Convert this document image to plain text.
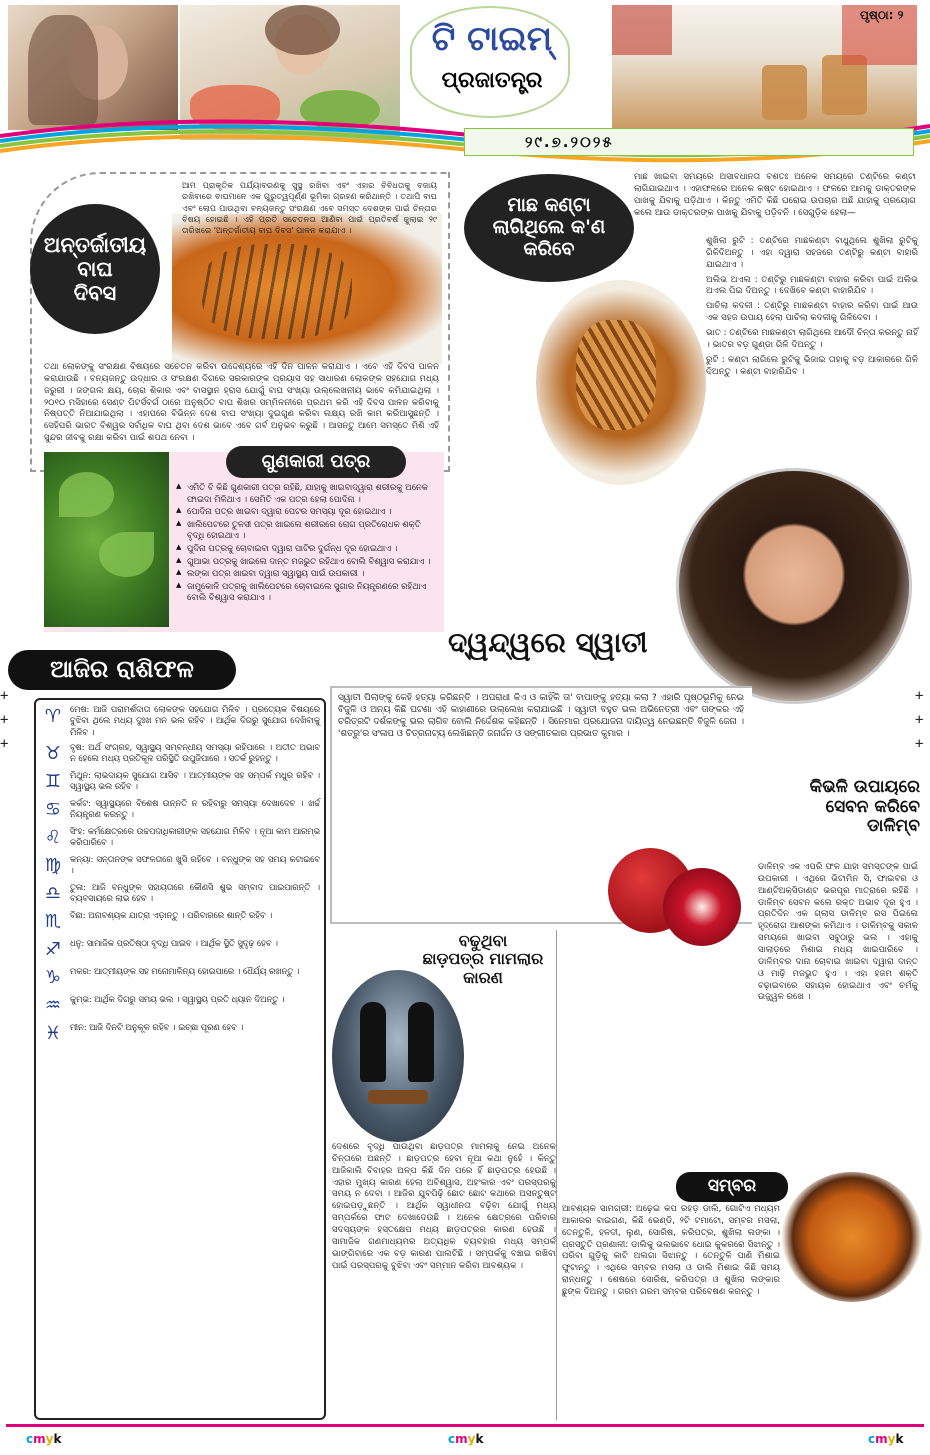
ଟି ଟାଇମ୍
ପ୍ରଜାତନ୍ତ୍ର
ପୃଷ୍ଠା: ୨
୨୯.୭.୨୦୨୫
ଅନ୍ତର୍ଜାତୀୟ
ବାଘ
ଦିବସ
ଆମ ପ୍ରାକୃତିକ ପର୍ଯ୍ୟାବରଣକୁ ସୁସ୍ଥ ରଖିବା ଏବଂ ଏହାର ବିବିଧତାକୁ ବଜାୟ ରଖିବାରେ ବାଘମାନେ ଏକ ଗୁରୁତ୍ୱପୂର୍ଣ୍ଣ ଭୂମିକା ଗ୍ରହଣ କରିଥାନ୍ତି । ତଥାପି ବାଘ ଏବଂ ଲୋପ ପାଉଥିବା ବନ୍ୟଜନ୍ତୁ ସଂରକ୍ଷଣ ଏବେ ସମସ୍ତ ଦେଶଙ୍କ ପାଇଁ ଚିନ୍ତାର ବିଷୟ ହୋଇଛି । ଏହି ପ୍ରତି ସଚେତନତା ଆଣିବା ପାଇଁ ପ୍ରତିବର୍ଷ ଜୁଲାଇ ୨୯ ତାରିଖରେ 'ଅନ୍ତର୍ଜାତୀୟ ବାଘ ଦିବସ' ପାଳନ କରାଯାଏ ।
ତଥା ଲୋକଙ୍କୁ ସଂରକ୍ଷଣ ବିଷୟରେ ସଚେତନ କରିବା ଉଦ୍ଦେଶ୍ୟରେ ଏହି ଦିନ ପାଳନ କରାଯାଏ । ଏବେ ଏହି ଦିବସ ପାଳନ କରାଯାଉଛି । ବନ୍ୟଜନ୍ତୁ ଉଦ୍ଧାର ଓ ସଂରକ୍ଷଣ ଦିଗରେ ସରକାରଙ୍କ ପ୍ରୟାସ ସହ ସାଧାରଣ ଲୋକଙ୍କ ସହଯୋଗ ମଧ୍ୟ ଜରୁରୀ । ଜଙ୍ଗଲ କ୍ଷୟ, ଚୋରା ଶିକାର ଏବଂ ବାସସ୍ଥାନ ହ୍ରାସ ଯୋଗୁଁ ବାଘ ସଂଖ୍ୟା ଉଲ୍ଲେଖନୀୟ ଭାବେ କମିଯାଇଥିଲା । ୨୦୧୦ ମସିହାରେ ସେଣ୍ଟ ପିଟର୍ସବର୍ଗ ଠାରେ ଅନୁଷ୍ଠିତ ବାଘ ଶିଖର ସମ୍ମିଳନୀରେ ପ୍ରଥମ କରି ଏହି ଦିବସ ପାଳନ କରିବାକୁ ନିଷ୍ପତ୍ତି ନିଆଯାଇଥିଲା । ଏହାପରେ ବିଭିନ୍ନ ଦେଶ ବାଘ ସଂଖ୍ୟା ଦୁଇଗୁଣ କରିବା ଲକ୍ଷ୍ୟ ରଖି କାମ କରିଆସୁଛନ୍ତି । ସେହିପରି ଭାରତ ବିଶ୍ୱର ସର୍ବାଧିକ ବାଘ ଥିବା ଦେଶ ଭାବେ ଏବେ ଗର୍ବ ଅନୁଭବ କରୁଛି । ଆସନ୍ତୁ ଆମେ ସମସ୍ତେ ମିଶି ଏହି ସୁନ୍ଦର ଜୀବକୁ ରକ୍ଷା କରିବା ପାଇଁ ଶପଥ ନେବା ।
ମାଛ କଣ୍ଟା
ଲାଗିଥିଲେ କ'ଣ
କରିବେ
ମାଛ ଖାଇବା ସମୟରେ ଅସାବଧାନତା ବଶତଃ ଅନେକ ସମୟରେ ତଣ୍ଟିରେ କଣ୍ଟା ଲାଗିଯାଇଥାଏ । ଏହାଫଳରେ ଅନେକ କଷ୍ଟ ହୋଇଥାଏ । ଫଳରେ ଆମକୁ ଡାକ୍ତରଙ୍କ ପାଖକୁ ଯିବାକୁ ପଡ଼ିଥାଏ । କିନ୍ତୁ ଏମିତି କିଛି ଘରୋଇ ଉପଚାର ଅଛି ଯାହାକୁ ପ୍ରୟୋଗ କଲେ ଆଉ ଡାକ୍ତରଙ୍କ ପାଖକୁ ଯିବାକୁ ପଡ଼ିବନି । ସେଗୁଡ଼ିକ ହେଲା—
ଶୁଖିଲା ରୁଟି : ତଣ୍ଟିରେ ମାଛକଣ୍ଟା ବାଧୁଥିଲେ ଶୁଖିଲା ରୁଟିକୁ ଗିଳିଦିଅନ୍ତୁ । ଏହା ଦ୍ୱାରା ସହଜରେ ତଣ୍ଟିରୁ କଣ୍ଟା ବାହାରି ଯାଇଥାଏ ।
ଅଲିଭ ଅଏଲ : ତଣ୍ଟିରୁ ମାଛକଣ୍ଟା ବାହାର କରିବା ପାଇଁ ଅଲିଭ ଅଏଲ ପିଇ ଦିଅନ୍ତୁ । ଦେଖିବେ କଣ୍ଟା ବାହାରିଯିବ ।
ପାଚିଲା କଦଳୀ : ତଣ୍ଟିରୁ ମାଛକଣ୍ଟା ବାହାର କରିବା ପାଇଁ ଆଉ ଏକ ସହଜ ଉପାୟ ହେଲା ପାଚିଲା କଦଳୀକୁ ଗିଳିଦେବା ।
ଭାତ : ତଣ୍ଟିରେ ମାଛକଣ୍ଟା ଲାଗିଥିଲେ ଆଦୌ ଚିନ୍ତା କରନ୍ତୁ ନାହିଁ । ଭାତର ବଡ଼ ଗୁଣ୍ଡା ଗିଳି ଦିଅନ୍ତୁ ।
ରୁଟି : କଣ୍ଟା ଲାଗିଲେ ରୁଟିକୁ ଭିଜାଇ ତାହାକୁ ବଡ଼ ଆକାରରେ ଗିଳି ଦିଅନ୍ତୁ । କଣ୍ଟା ବାହାରିଯିବ ।
ଗୁଣକାରୀ ପତ୍ର
▲ ଏମିତି ବି କିଛି ଗୁଣକାରୀ ପତ୍ର ରହିଛି, ଯାହାକୁ ଖାଇବାଦ୍ୱାରା ଶରୀରକୁ ଅନେକ ଫାଇଦା ମିଳିଥାଏ । ସେମିତି ଏକ ପତ୍ର ହେଲା ପୋଦିନା ।
▲ ପୋଦିନା ପତ୍ର ଖାଇବା ଦ୍ୱାରା ପେଟର ସମସ୍ୟା ଦୂର ହୋଇଥାଏ ।
▲ ଖାଲିପେଟରେ ତୁଳସୀ ପତ୍ର ଖାଇଲେ ଶରୀରରେ ରୋଗ ପ୍ରତିରୋଧକ ଶକ୍ତି ବୃଦ୍ଧି ହୋଇଥାଏ ।
▲ ପୁଦିନା ପତ୍ରକୁ ଚୋବାଇବା ଦ୍ୱାରା ପାଟିର ଦୁର୍ଗନ୍ଧ ଦୂର ହୋଇଥାଏ ।
▲ ଗୁଆଭା ପତ୍ରକୁ ଖାଇଲେ ଦାନ୍ତ ମଜଭୁତ ରହିଥାଏ ବୋଲି ବିଶ୍ୱାସ କରାଯାଏ ।
▲ ଲଙ୍କା ପତ୍ର ଖାଇବା ଦ୍ୱାରା ସ୍ୱାସ୍ଥ୍ୟ ପାଇଁ ଉପକାରୀ ।
▲ ଜାମୁକୋଳି ପତ୍ରକୁ ଖାଲିପେଟରେ ଚୋବାଇଲେ ସୁଗାର ନିୟନ୍ତ୍ରଣରେ ରହିଥାଏ ବୋଲି ବିଶ୍ୱାସ କରାଯାଏ ।
ଦ୍ୱନ୍ଦ୍ୱରେ ସ୍ୱାତୀ
ସ୍ୱାତୀ ପିଲାଙ୍କୁ କେହି ହତ୍ୟା କରିଛନ୍ତି । ଅପରାଧୀ କିଏ ଓ କାହିଁକି ତା' ବାପାଙ୍କୁ ହତ୍ୟା କଲା ? ଏହାରି ପୃଷ୍ଠଭୂମିକୁ ନେଇ ବିଜୁଳି ଓ ଅନ୍ୟ କିଛି ଘଟଣା ଏହି କାହାଣୀରେ ଉଲ୍ଲେଖ କରାଯାଇଛି । ସ୍ୱାତୀ ବହୁତ ଭଲ ଅଭିନେତ୍ରୀ ଏବଂ ତାଙ୍କର ଏହି ଚରିତ୍ରଟି ଦର୍ଶକଙ୍କୁ ଭଲ ଲାଗିବ ବୋଲି ନିର୍ଦ୍ଦେଶକ କହିଛନ୍ତି । ସିନେମାର ପ୍ରଯୋଜନା ଦାୟିତ୍ୱ ନେଇଛନ୍ତି ବିଜୁଳି ଜେନା । 'ଶତ୍ରୁ'ର ସଂଳାପ ଓ ଚିତ୍ରନାଟ୍ୟ ଲେଖିଛନ୍ତି ଜନାର୍ଦ୍ଦନ ଓ ସଙ୍ଗୀତକାର ପ୍ରଭାତ କୁମାର ।
ଆଜିର ରାଶିଫଳ
♈	ମେଷ: ଆଜି ପରାମର୍ଶଦାତା ଲୋକଙ୍କ ସହଯୋଗ ମିଳିବ । ପ୍ରତ୍ୟେକ ବିଷୟରେ ବୁଝିବା ଥିଲେ ମଧ୍ୟ ଦୁଃଖ ମନ ଭଲ ରହିବ । ଆର୍ଥିକ ଦିଗରୁ ସୁଯୋଗ ଦେଖିବାକୁ ମିଳିବ ।
♉	ବୃଷ: ଅର୍ଥ ସଂଗ୍ରହ, ସ୍ୱାସ୍ଥ୍ୟ ସମ୍ବନ୍ଧୀୟ ସମସ୍ୟା ରହିପାରେ । ଅତୀତ ଅଭାବ ନ ହେଲେ ମଧ୍ୟ ପ୍ରତିକୂଳ ପରିସ୍ଥିତି ଉପୁଜିପାରେ । ସତର୍କ ରୁହନ୍ତୁ ।
♊	ମିଥୁନ: ଲାଭଦାୟକ ସୁଯୋଗ ଆସିବ । ଆତ୍ମୀୟଙ୍କ ସହ ସମ୍ପର୍କ ମଧୁର ରହିବ । ସ୍ୱାସ୍ଥ୍ୟ ଭଲ ରହିବ ।
♋	କର୍କଟ: ସ୍ୱାସ୍ଥ୍ୟରେ ବିଶେଷ ଉନ୍ନତି ନ ରହିବାରୁ ସମସ୍ୟା ଦେଖାଦେବ । ଖର୍ଚ୍ଚ ନିୟନ୍ତ୍ରଣ କରନ୍ତୁ ।
♌	ସିଂହ: କର୍ମକ୍ଷେତ୍ରରେ ଉଚ୍ଚପଦାଧିକାରୀଙ୍କ ସହଯୋଗ ମିଳିବ । ନୂଆ କାମ ଆରମ୍ଭ କରିପାରିବେ ।
♍	କନ୍ୟା: ସନ୍ତାନଙ୍କ ସଫଳତାରେ ଖୁସି ରହିବେ । ବନ୍ଧୁଙ୍କ ସହ ସମୟ କଟାଇବେ ।
♎	ତୁଳା: ଆଜି ବନ୍ଧୁଙ୍କ ସହାୟତାରେ କୌଣସି ଶୁଭ ସମ୍ବାଦ ପାଇପାରନ୍ତି । ବ୍ୟବସାୟରେ ଲାଭ ହେବ ।
♏	ବିଛା: ଅନାବଶ୍ୟକ ଯାତ୍ରା ଏଡ଼ାନ୍ତୁ । ପରିବାରରେ ଶାନ୍ତି ରହିବ ।
♐	ଧନୁ: ସାମାଜିକ ପ୍ରତିଷ୍ଠା ବୃଦ୍ଧି ପାଇବ । ଆର୍ଥିକ ସ୍ଥିତି ସୁଦୃଢ଼ ହେବ ।
♑	ମକର: ଆତ୍ମୀୟଙ୍କ ସହ ମନୋମାଳିନ୍ୟ ହୋଇପାରେ । ଧୈର୍ଯ୍ୟ ରଖନ୍ତୁ ।
♒	କୁମ୍ଭ: ଆର୍ଥିକ ଦିଗରୁ ସମୟ ଭଲ । ସ୍ୱାସ୍ଥ୍ୟ ପ୍ରତି ଧ୍ୟାନ ଦିଅନ୍ତୁ ।
♓	ମୀନ: ଆଜି ଦିନଟି ଅନୁକୂଳ ରହିବ । ଇଚ୍ଛା ପୂରଣ ହେବ ।
କିଭଳି ଉପାୟରେ
ସେବନ କରିବେ
ଡାଳିମ୍ବ
ଡାଳିମ୍ବ ଏକ ଏପରି ଫଳ ଯାହା ସମସ୍ତଙ୍କ ପାଇଁ ଉପକାରୀ । ଏଥିରେ ଭିଟାମିନ ସି, ଫାଇବର ଓ ଆଣ୍ଟିଅକ୍ସିଡାଣ୍ଟ ଭରପୂର ମାତ୍ରାରେ ରହିଛି । ଡାଳିମ୍ବ ସେବନ କଲେ ରକ୍ତ ଅଭାବ ଦୂର ହୁଏ । ପ୍ରତିଦିନ ଏକ ଗ୍ଲାସ ଡାଳିମ୍ବ ରସ ପିଇଲେ ହୃଦ୍‌ରୋଗ ଆଶଙ୍କା କମିଥାଏ । ଡାଳିମ୍ବକୁ ସକାଳ ସମୟରେ ଖାଇବା ସବୁଠାରୁ ଭଲ । ଏହାକୁ ସାଲାଡ଼ରେ ମିଶାଇ ମଧ୍ୟ ଖାଇପାରିବେ । ଡାଳିମ୍ବର ଦାନା ଚୋବାଇ ଖାଇବା ଦ୍ୱାରା ଦାନ୍ତ ଓ ମାଢ଼ି ମଜଭୁତ ହୁଏ । ଏହା ହଜମ ଶକ୍ତି ବଢ଼ାଇବାରେ ସହାୟକ ହୋଇଥାଏ ଏବଂ ଚର୍ମକୁ ଉଜ୍ଜ୍ୱଳ ରଖେ ।
ବଢୁଥିବା
ଛାଡ଼ପତ୍ର ମାମଲାର
କାରଣ
ଦେଶରେ ବୃଦ୍ଧି ପାଉଥିବା ଛାଡ଼ପତ୍ର ମାମଲାକୁ ନେଇ ଅନେକ ଚିନ୍ତାରେ ଅଛନ୍ତି । ଛାଡ଼ପତ୍ର ହେବା ନୂଆ କଥା ନୁହେଁ । କିନ୍ତୁ ଆଜିକାଲି ବିବାହର ଅଳ୍ପ କିଛି ଦିନ ପରେ ହିଁ ଛାଡ଼ପତ୍ର ହେଉଛି । ଏହାର ମୁଖ୍ୟ କାରଣ ହେଲା ଅବିଶ୍ୱାସ, ଅହଂକାର ଏବଂ ପରସ୍ପରକୁ ସମୟ ନ ଦେବା । ଆଜିର ଯୁବପିଢ଼ି ଛୋଟ ଛୋଟ କଥାରେ ଅସନ୍ତୁଷ୍ଟ ହୋଇପଡ଼ୁଛନ୍ତି । ଆର୍ଥିକ ସ୍ୱାଧୀନତା ବଢ଼ିବା ଯୋଗୁଁ ମଧ୍ୟ ସମ୍ପର୍କରେ ଫାଟ ଦେଖାଦେଉଛି । ଅନେକ କ୍ଷେତ୍ରରେ ପରିବାର ସଦସ୍ୟଙ୍କ ହସ୍ତକ୍ଷେପ ମଧ୍ୟ ଛାଡ଼ପତ୍ରର କାରଣ ହେଉଛି । ସାମାଜିକ ଗଣମାଧ୍ୟମର ଅତ୍ୟଧିକ ବ୍ୟବହାର ମଧ୍ୟ ସମ୍ପର୍କ ଭାଙ୍ଗିବାରେ ଏକ ବଡ଼ କାରଣ ପାଲଟିଛି । ସମ୍ପର୍କକୁ ବଞ୍ଚାଇ ରଖିବା ପାଇଁ ପରସ୍ପରକୁ ବୁଝିବା ଏବଂ ସମ୍ମାନ କରିବା ଆବଶ୍ୟକ ।
ସମ୍ବର
ଆବଶ୍ୟକ ସାମଗ୍ରୀ: ଅଢ଼େଇ କପ ରହଡ଼ ଡାଲି, ଗୋଟିଏ ମଧ୍ୟମ ଆକାରର ବାଇଗଣ, କିଛି ଭେଣ୍ଡି, ୨ଟି ଟମାଟୋ, ସମ୍ବର ମସଲା, ତେନ୍ତୁଳି, ହଳଦୀ, ଲୁଣ, ସୋରିଷ, କରିପତ୍ର, ଶୁଖିଲା ଲଙ୍କା । ପ୍ରସ୍ତୁତି ପ୍ରଣାଳୀ: ଡାଲିକୁ ଭଲଭାବେ ଧୋଇ କୁକରରେ ସିଝାନ୍ତୁ । ପରିବା ଗୁଡ଼ିକୁ କାଟି ଅଲଗା ସିଝାନ୍ତୁ । ତେନ୍ତୁଳି ପାଣି ମିଶାଇ ଫୁଟାନ୍ତୁ । ଏଥିରେ ସମ୍ବର ମସଲା ଓ ଡାଲି ମିଶାଇ କିଛି ସମୟ ରାନ୍ଧନ୍ତୁ । ଶେଷରେ ସୋରିଷ, କରିପତ୍ର ଓ ଶୁଖିଲା ଲଙ୍କାର ଛୁଙ୍କ ଦିଅନ୍ତୁ । ଗରମ ଗରମ ସମ୍ବର ପରିବେଷଣ କରନ୍ତୁ ।
+
+
+
+
+
+
cmyk	cmyk	cmyk
